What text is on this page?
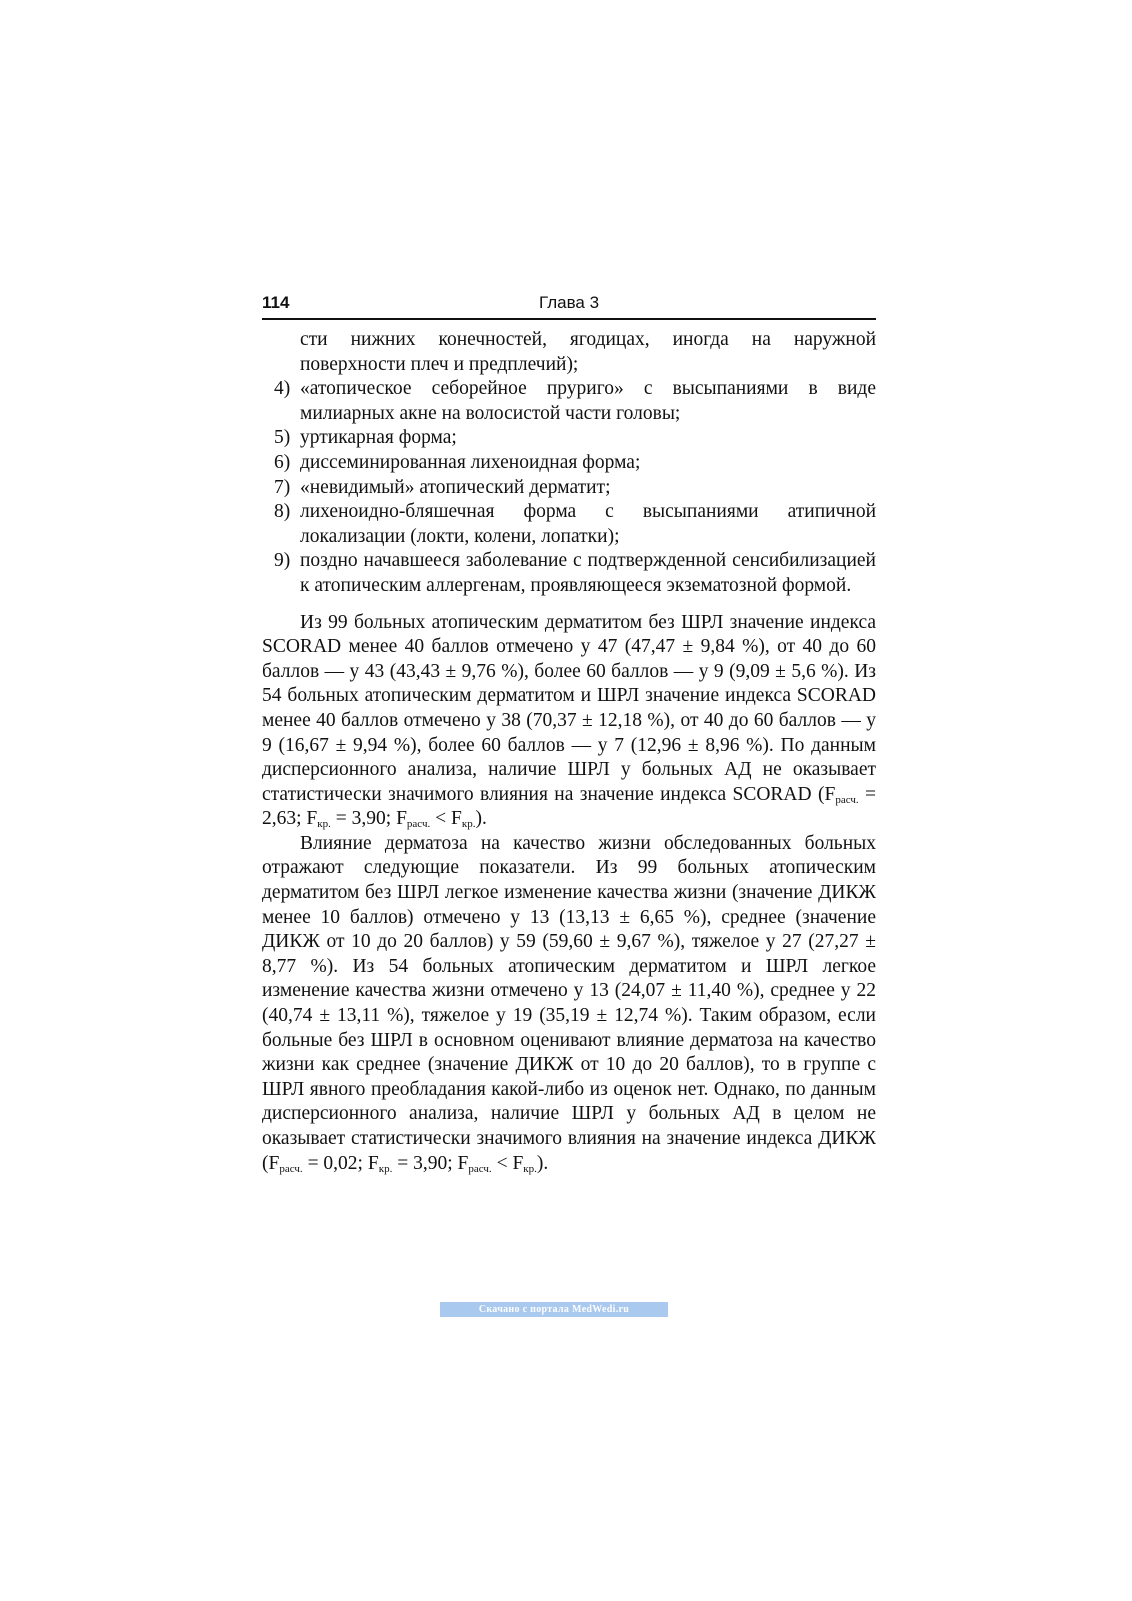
114	Глава 3
сти нижних конечностей, ягодицах, иногда на наружной поверхности плеч и предплечий);
4) «атопическое себорейное пруриго» с высыпаниями в виде милиарных акне на волосистой части головы;
5) уртикарная форма;
6) диссеминированная лихеноидная форма;
7) «невидимый» атопический дерматит;
8) лихеноидно-бляшечная форма с высыпаниями атипичной локализации (локти, колени, лопатки);
9) поздно начавшееся заболевание с подтвержденной сенсибилизацией к атопическим аллергенам, проявляющееся экзематозной формой.

Из 99 больных атопическим дерматитом без ШРЛ значение индекса SCORAD менее 40 баллов отмечено у 47 (47,47 ± 9,84 %), от 40 до 60 баллов — у 43 (43,43 ± 9,76 %), более 60 баллов — у 9 (9,09 ± 5,6 %). Из 54 больных атопическим дерматитом и ШРЛ значение индекса SCORAD менее 40 баллов отмечено у 38 (70,37 ± 12,18 %), от 40 до 60 баллов — у 9 (16,67 ± 9,94 %), более 60 баллов — у 7 (12,96 ± 8,96 %). По данным дисперсионного анализа, наличие ШРЛ у больных АД не оказывает статистически значимого влияния на значение индекса SCORAD ($F_{расч.} = 2,63$; $F_{кр.} = 3,90$; $F_{расч.} < F_{кр.}$).

Влияние дерматоза на качество жизни обследованных больных отражают следующие показатели. Из 99 больных атопическим дерматитом без ШРЛ легкое изменение качества жизни (значение ДИКЖ менее 10 баллов) отмечено у 13 (13,13 ± 6,65 %), среднее (значение ДИКЖ от 10 до 20 баллов) у 59 (59,60 ± 9,67 %), тяжелое у 27 (27,27 ± 8,77 %). Из 54 больных атопическим дерматитом и ШРЛ легкое изменение качества жизни отмечено у 13 (24,07 ± 11,40 %), среднее у 22 (40,74 ± 13,11 %), тяжелое у 19 (35,19 ± 12,74 %). Таким образом, если больные без ШРЛ в основном оценивают влияние дерматоза на качество жизни как среднее (значение ДИКЖ от 10 до 20 баллов), то в группе с ШРЛ явного преобладания какой-либо из оценок нет. Однако, по данным дисперсионного анализа, наличие ШРЛ у больных АД в целом не оказывает статистически значимого влияния на значение индекса ДИКЖ ($F_{расч.} = 0,02$; $F_{кр.} = 3,90$; $F_{расч.} < F_{кр.}$).

Скачано с портала MedWedi.ru
